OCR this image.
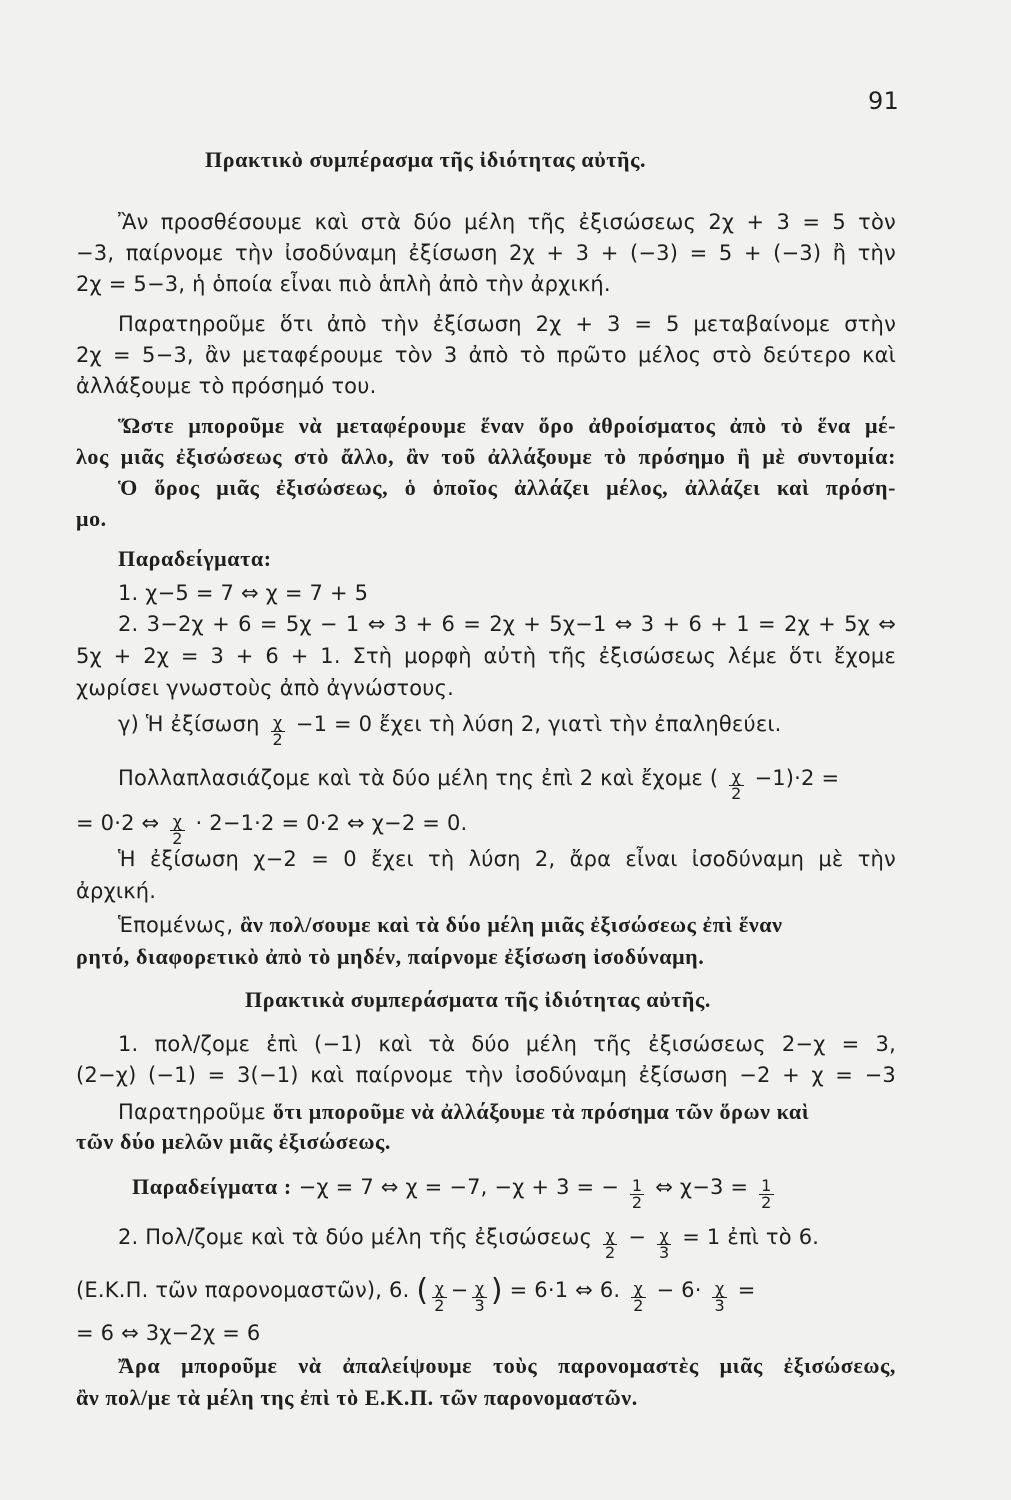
91
Πρακτικὸ συμπέρασμα τῆς ἰδιότητας αὐτῆς.
Ἂν προσθέσουμε καὶ στὰ δύο μέλη τῆς ἐξισώσεως 2χ + 3 = 5 τὸν
−3, παίρνομε τὴν ἰσοδύναμη ἐξίσωση 2χ + 3 + (−3) = 5 + (−3) ἢ τὴν
2χ = 5−3, ἡ ὁποία εἶναι πιὸ ἁπλὴ ἀπὸ τὴν ἀρχική.
Παρατηροῦμε ὅτι ἀπὸ τὴν ἐξίσωση 2χ + 3 = 5 μεταβαίνομε στὴν
2χ = 5−3, ἂν μεταφέρουμε τὸν 3 ἀπὸ τὸ πρῶτο μέλος στὸ δεύτερο καὶ
ἀλλάξουμε τὸ πρόσημό του.
Ὥστε μποροῦμε νὰ μεταφέρουμε ἕναν ὅρο ἀθροίσματος ἀπὸ τὸ ἕνα μέ-
λος μιᾶς ἐξισώσεως στὸ ἄλλο, ἂν τοῦ ἀλλάξουμε τὸ πρόσημο ἢ μὲ συντομία:
Ὁ ὅρος μιᾶς ἐξισώσεως, ὁ ὁποῖος ἀλλάζει μέλος, ἀλλάζει καὶ πρόση-
μο.
Παραδείγματα:
1. χ−5 = 7 ⇔ χ = 7 + 5
2. 3−2χ + 6 = 5χ − 1 ⇔ 3 + 6 = 2χ + 5χ−1 ⇔ 3 + 6 + 1 = 2χ + 5χ ⇔
5χ + 2χ = 3 + 6 + 1. Στὴ μορφὴ αὐτὴ τῆς ἐξισώσεως λέμε ὅτι ἔχομε
χωρίσει γνωστοὺς ἀπὸ ἀγνώστους.
γ) Ἡ ἐξίσωση $\frac{\chi}{2} -1 = 0$ ἔχει τὴ λύση 2, γιατὶ τὴν ἐπαληθεύει.
Πολλαπλασιάζομε καὶ τὰ δύο μέλη της ἐπὶ 2 καὶ ἔχομε ( $\frac{\chi}{2} -1)\cdot 2$ =
= 0·2 ⇔ $\frac{\chi}{2} \cdot 2-1\cdot 2 = 0\cdot 2$ ⇔ χ−2 = 0.
Ἡ ἐξίσωση χ−2 = 0 ἔχει τὴ λύση 2, ἄρα εἶναι ἰσοδύναμη μὲ τὴν
ἀρχική.
Ἑπομένως, ἂν πολ/σουμε καὶ τὰ δύο μέλη μιᾶς ἐξισώσεως ἐπὶ ἕναν
ρητό, διαφορετικὸ ἀπὸ τὸ μηδέν, παίρνομε ἐξίσωση ἰσοδύναμη.
Πρακτικὰ συμπεράσματα τῆς ἰδιότητας αὐτῆς.
1. πολ/ζομε ἐπὶ (−1) καὶ τὰ δύο μέλη τῆς ἐξισώσεως 2−χ = 3,
(2−χ) (−1) = 3(−1) καὶ παίρνομε τὴν ἰσοδύναμη ἐξίσωση −2 + χ = −3
Παρατηροῦμε ὅτι μποροῦμε νὰ ἀλλάξουμε τὰ πρόσημα τῶν ὅρων καὶ
τῶν δύο μελῶν μιᾶς ἐξισώσεως.
Παραδείγματα : −χ = 7 ⇔ χ = −7, −χ + 3 = − $\frac{1}{2}$ ⇔ $\chi-3 = \frac{1}{2}$
2. Πολ/ζομε καὶ τὰ δύο μέλη τῆς ἐξισώσεως $\frac{\chi}{2} - \frac{\chi}{3} = 1$ ἐπὶ τὸ 6.
(Ε.Κ.Π. τῶν παρονομαστῶν), 6. ( $\frac{\chi}{2} - \frac{\chi}{3}$ ) = 6·1 ⇔ 6. $\frac{\chi}{2} - 6\cdot \frac{\chi}{3}$ =
= 6 ⇔ 3χ−2χ = 6
Ἄρα μποροῦμε νὰ ἀπαλείψουμε τοὺς παρονομαστὲς μιᾶς ἐξισώσεως,
ἂν πολ/με τὰ μέλη της ἐπὶ τὸ Ε.Κ.Π. τῶν παρονομαστῶν.
